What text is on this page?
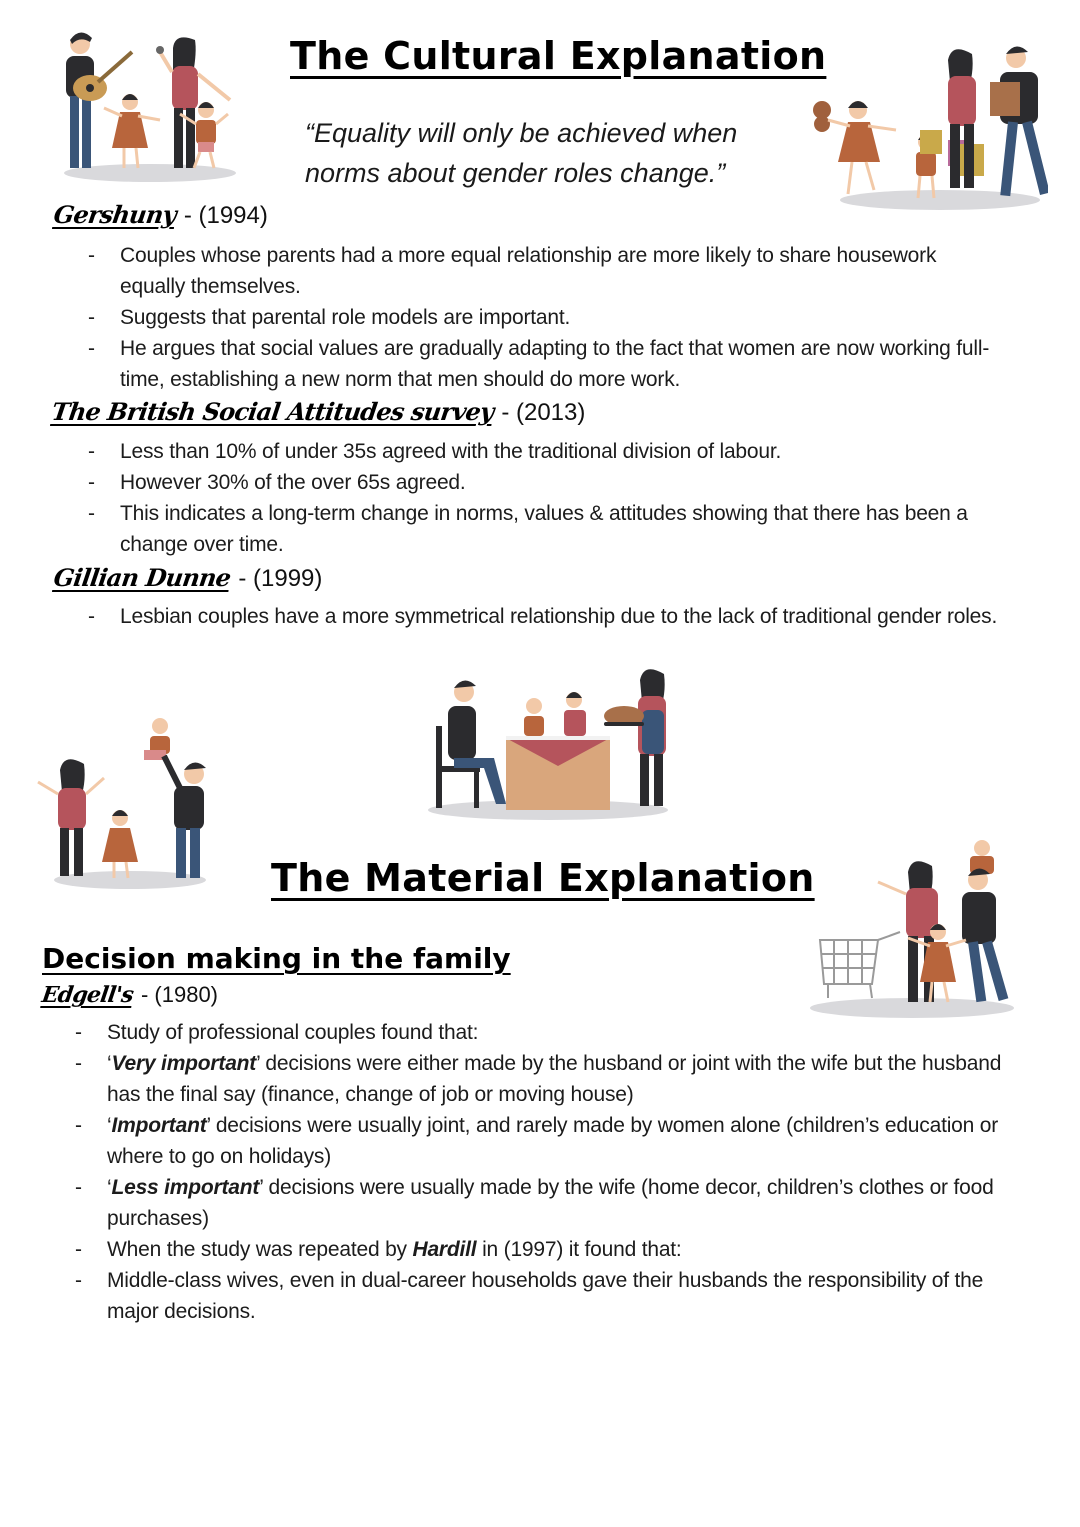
The Cultural Explanation
“Equality will only be achieved when
norms about gender roles change.”
Gershuny - (1994)
- Couples whose parents had a more equal relationship are more likely to share housework equally themselves.
- Suggests that parental role models are important.
- He argues that social values are gradually adapting to the fact that women are now working full-time, establishing a new norm that men should do more work.
The British Social Attitudes survey - (2013)
- Less than 10% of under 35s agreed with the traditional division of labour.
- However 30% of the over 65s agreed.
- This indicates a long-term change in norms, values & attitudes showing that there has been a change over time.
Gillian Dunne - (1999)
- Lesbian couples have a more symmetrical relationship due to the lack of traditional gender roles.
The Material Explanation
Decision making in the family
Edgell's - (1980)
- Study of professional couples found that:
- ‘Very important’ decisions were either made by the husband or joint with the wife but the husband has the final say (finance, change of job or moving house)
- ‘Important’ decisions were usually joint, and rarely made by women alone (children’s education or where to go on holidays)
- ‘Less important’ decisions were usually made by the wife (home decor, children’s clothes or food purchases)
- When the study was repeated by Hardill in (1997) it found that:
- Middle-class wives, even in dual-career households gave their husbands the responsibility of the major decisions.
